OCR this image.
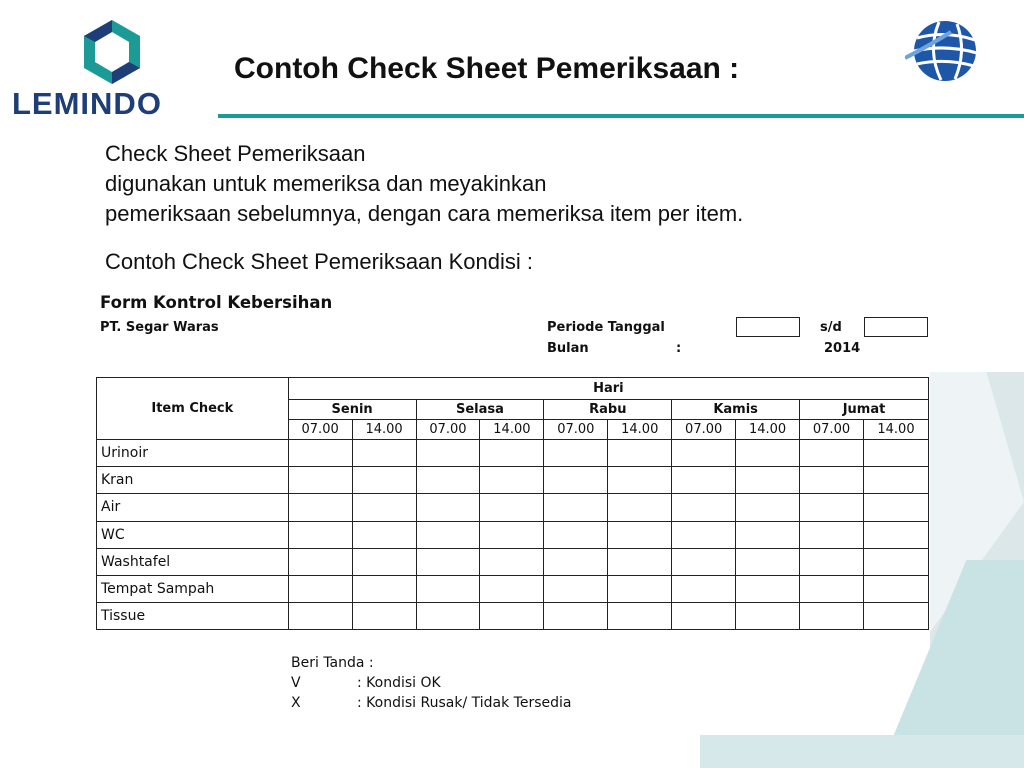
LEMINDO
Contoh Check Sheet Pemeriksaan :
Check Sheet Pemeriksaan
digunakan untuk memeriksa dan meyakinkan
pemeriksaan sebelumnya, dengan cara memeriksa item per item.
Contoh Check Sheet Pemeriksaan Kondisi :
Form Kontrol Kebersihan
PT. Segar Waras	Periode Tanggal	s/d
Bulan	:	2014
Item Check	Hari									
	Senin		Selasa		Rabu		Kamis		Jumat	
	07.00	14.00	07.00	14.00	07.00	14.00	07.00	14.00	07.00	14.00
Urinoir										
Kran										
Air										
WC										
Washtafel										
Tempat Sampah										
Tissue										
Beri Tanda :
V	: Kondisi OK
X	: Kondisi Rusak/ Tidak Tersedia
